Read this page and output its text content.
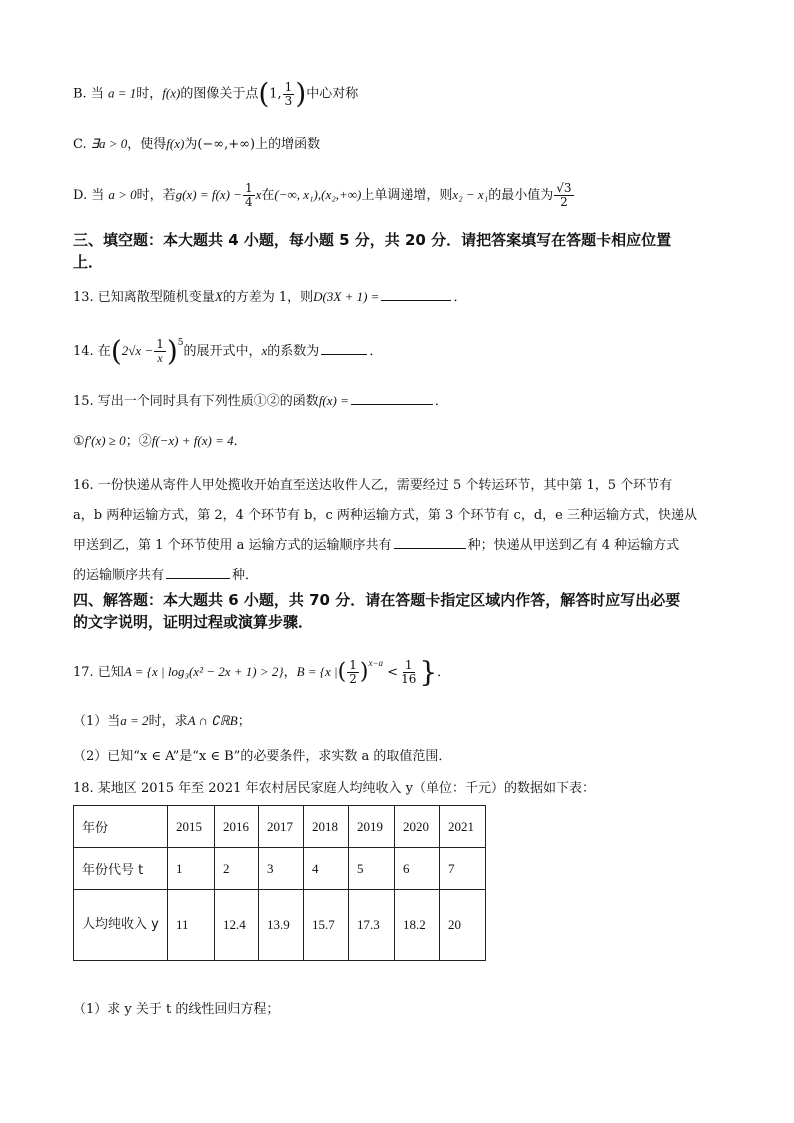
B. 当 a = 1时，f(x)的图像关于点(1, $\frac{1}{3}$ )中心对称
C. ∃a > 0，使得f(x)为(−∞,+∞)上的增函数
D. 当 a > 0时，若$g(x) = f(x) - \frac{1}{4}$ x在(−∞, x₁),(x₂,+∞)上单调递增，则x₂ − x₁的最小值为 $\frac{√3}{2}$
三、填空题：本大题共 4 小题，每小题 5 分，共 20 分．请把答案填写在答题卡相应位置
上．
13. 已知离散型随机变量X的方差为 1，则D(3X + 1) =	．
14. 在$(2√x - \frac{1}{x} )^5$的展开式中，x的系数为	．
15. 写出一个同时具有下列性质①②的函数f(x) =	．
①f′(x) ≥ 0；②f(−x) + f(x) = 4．
16. 一份快递从寄件人甲处揽收开始直至送达收件人乙，需要经过 5 个转运环节，其中第 1，5 个环节有
a，b 两种运输方式，第 2，4 个环节有 b，c 两种运输方式，第 3 个环节有 c，d，e 三种运输方式，快递从
甲送到乙，第 1 个环节使用 a 运输方式的运输顺序共有	种；快递从甲送到乙有 4 种运输方式
的运输顺序共有	种．
四、解答题：本大题共 6 小题，共 70 分．请在答题卡指定区域内作答，解答时应写出必要
的文字说明，证明过程或演算步骤．
17. 已知A = {x | log₃(x² − 2x + 1) > 2}，B = {x |( $\frac{1}{2} )^{x-a} < \frac{1}{16}$ }．
（1）当a = 2时，求A ∩ ∁ℝB；
（2）已知“x ∈ A”是“x ∈ B”的必要条件，求实数 a 的取值范围．
18. 某地区 2015 年至 2021 年农村居民家庭人均纯收入 y（单位：千元）的数据如下表：
年份	2015	2016	2017	2018	2019	2020	2021
年份代号 t	1	2	3	4	5	6	7
人均纯收入 y	11	12.4	13.9	15.7	17.3	18.2	20
（1）求 y 关于 t 的线性回归方程；
